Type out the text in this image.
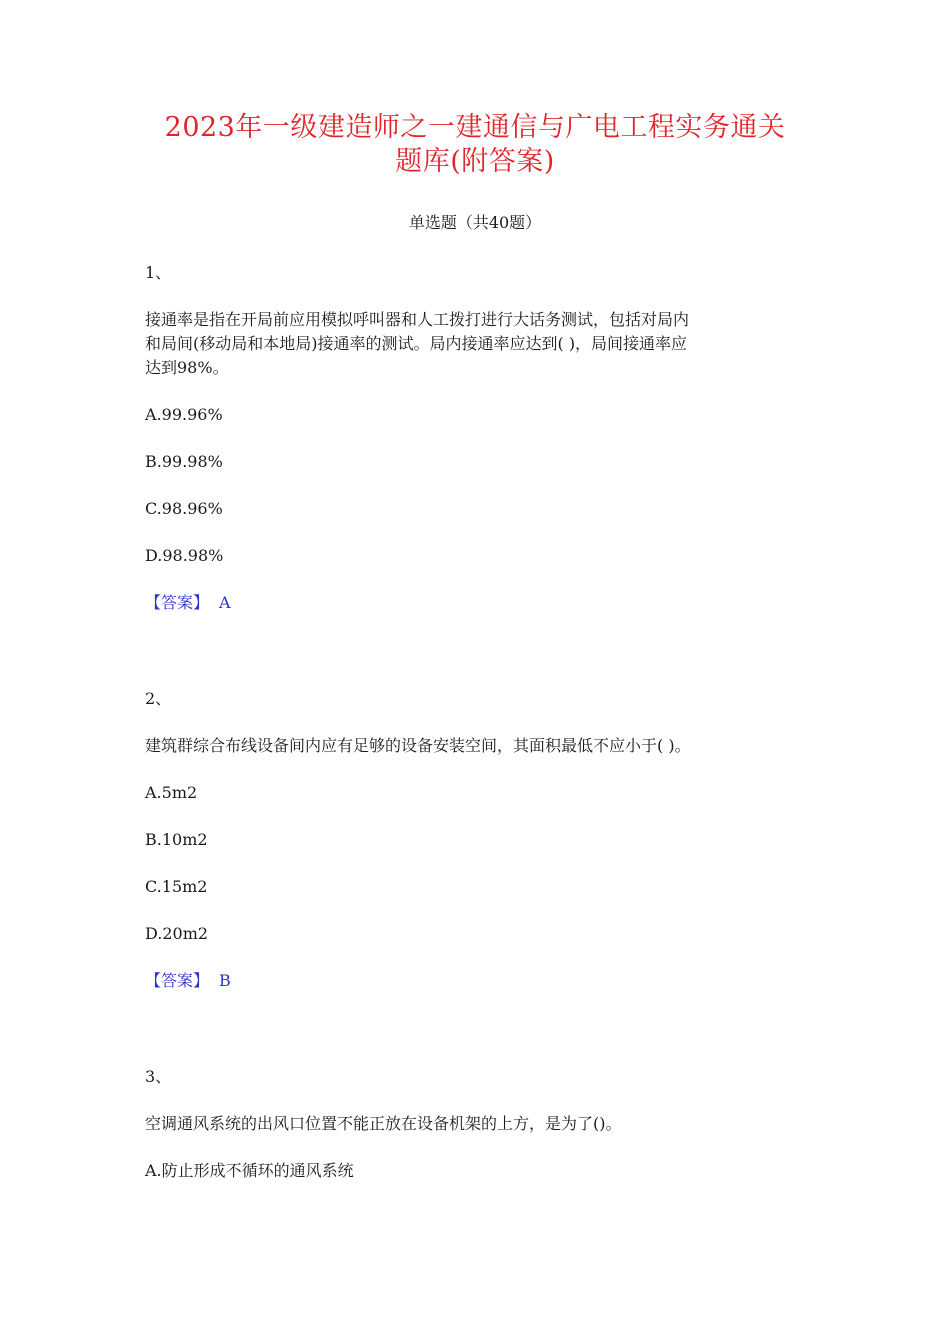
2023年一级建造师之一建通信与广电工程实务通关
题库(附答案)
单选题（共40题）
1、
接通率是指在开局前应用模拟呼叫器和人工拨打进行大话务测试，包括对局内
和局间(移动局和本地局)接通率的测试。局内接通率应达到( )，局间接通率应
达到98%。
A.99.96%
B.99.98%
C.98.96%
D.98.98%
【答案】 A
2、
建筑群综合布线设备间内应有足够的设备安装空间，其面积最低不应小于( )。
A.5m2
B.10m2
C.15m2
D.20m2
【答案】 B
3、
空调通风系统的出风口位置不能正放在设备机架的上方，是为了()。
A.防止形成不循环的通风系统
